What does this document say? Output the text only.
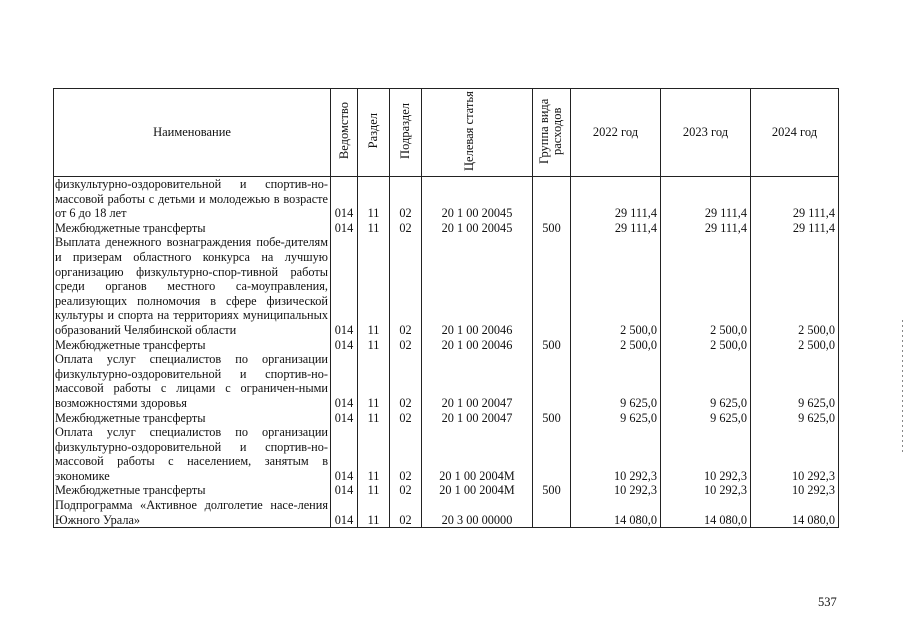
Наименование	Ведомство	Раздел	Подраздел	Целевая статья	Группа вида расходов	2022 год	2023 год	2024 год
физкультурно-оздоровительной и спортив-но-массовой работы с детьми и молодежью в возрасте от 6 до 18 лет	014	11	02	20 1 00 20045		29 111,4	29 111,4	29 111,4
Межбюджетные трансферты	014	11	02	20 1 00 20045	500	29 111,4	29 111,4	29 111,4
Выплата денежного вознаграждения побе-дителям и призерам областного конкурса на лучшую организацию физкультурно-спор-тивной работы среди органов местного са-моуправления, реализующих полномочия в сфере физической культуры и спорта на территориях муниципальных образований Челябинской области	014	11	02	20 1 00 20046		2 500,0	2 500,0	2 500,0
Межбюджетные трансферты	014	11	02	20 1 00 20046	500	2 500,0	2 500,0	2 500,0
Оплата услуг специалистов по организации физкультурно-оздоровительной и спортив-но-массовой работы с лицами с ограничен-ными возможностями здоровья	014	11	02	20 1 00 20047		9 625,0	9 625,0	9 625,0
Межбюджетные трансферты	014	11	02	20 1 00 20047	500	9 625,0	9 625,0	9 625,0
Оплата услуг специалистов по организации физкультурно-оздоровительной и спортив-но-массовой работы с населением, занятым в экономике	014	11	02	20 1 00 2004М		10 292,3	10 292,3	10 292,3
Межбюджетные трансферты	014	11	02	20 1 00 2004М	500	10 292,3	10 292,3	10 292,3
Подпрограмма «Активное долголетие насе-ления Южного Урала»	014	11	02	20 3 00 00000		14 080,0	14 080,0	14 080,0
537
